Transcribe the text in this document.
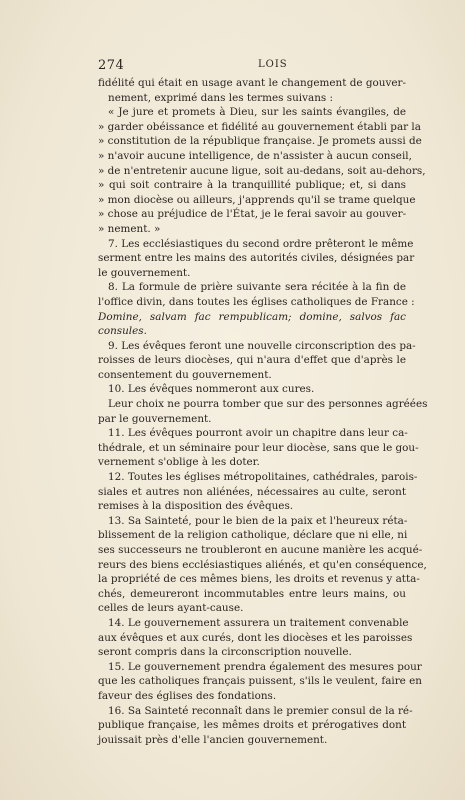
274	LOIS
fidélité qui était en usage avant le changement de gouver-
nement, exprimé dans les termes suivans :
« Je jure et promets à Dieu, sur les saints évangiles, de
» garder obéissance et fidélité au gouvernement établi par la
» constitution de la république française. Je promets aussi de
» n'avoir aucune intelligence, de n'assister à aucun conseil,
» de n'entretenir aucune ligue, soit au-dedans, soit au-dehors,
» qui soit contraire à la tranquillité publique; et, si dans
» mon diocèse ou ailleurs, j'apprends qu'il se trame quelque
» chose au préjudice de l'État, je le ferai savoir au gouver-
» nement. »
7. Les ecclésiastiques du second ordre prêteront le même
serment entre les mains des autorités civiles, désignées par
le gouvernement.
8. La formule de prière suivante sera récitée à la fin de
l'office divin, dans toutes les églises catholiques de France :
Domine, salvam fac rempublicam; domine, salvos fac
consules.
9. Les évêques feront une nouvelle circonscription des pa-
roisses de leurs diocèses, qui n'aura d'effet que d'après le
consentement du gouvernement.
10. Les évêques nommeront aux cures.
Leur choix ne pourra tomber que sur des personnes agréées
par le gouvernement.
11. Les évêques pourront avoir un chapitre dans leur ca-
thédrale, et un séminaire pour leur diocèse, sans que le gou-
vernement s'oblige à les doter.
12. Toutes les églises métropolitaines, cathédrales, parois-
siales et autres non aliénées, nécessaires au culte, seront
remises à la disposition des évêques.
13. Sa Sainteté, pour le bien de la paix et l'heureux réta-
blissement de la religion catholique, déclare que ni elle, ni
ses successeurs ne troubleront en aucune manière les acqué-
reurs des biens ecclésiastiques aliénés, et qu'en conséquence,
la propriété de ces mêmes biens, les droits et revenus y atta-
chés, demeureront incommutables entre leurs mains, ou
celles de leurs ayant-cause.
14. Le gouvernement assurera un traitement convenable
aux évêques et aux curés, dont les diocèses et les paroisses
seront compris dans la circonscription nouvelle.
15. Le gouvernement prendra également des mesures pour
que les catholiques français puissent, s'ils le veulent, faire en
faveur des églises des fondations.
16. Sa Sainteté reconnaît dans le premier consul de la ré-
publique française, les mêmes droits et prérogatives dont
jouissait près d'elle l'ancien gouvernement.
